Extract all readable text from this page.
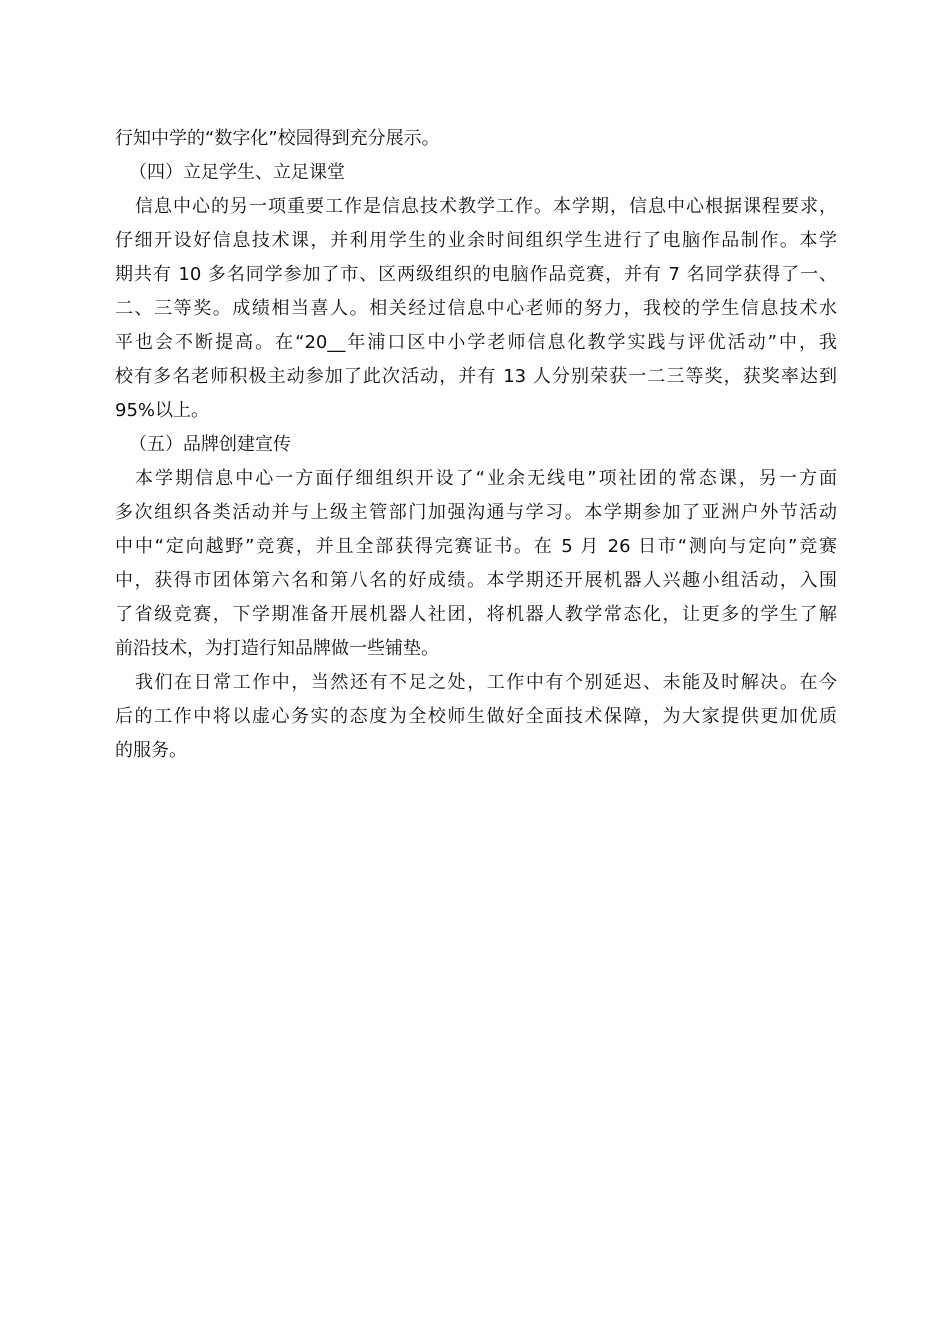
行知中学的“数字化”校园得到充分展示。
（四）立足学生、立足课堂
信息中心的另一项重要工作是信息技术教学工作。本学期，信息中心根据课程要求，
仔细开设好信息技术课，并利用学生的业余时间组织学生进行了电脑作品制作。本学
期共有 10 多名同学参加了市、区两级组织的电脑作品竞赛，并有 7 名同学获得了一、
二、三等奖。成绩相当喜人。相关经过信息中心老师的努力，我校的学生信息技术水
平也会不断提高。在“20__年浦口区中小学老师信息化教学实践与评优活动”中，我
校有多名老师积极主动参加了此次活动，并有 13 人分别荣获一二三等奖，获奖率达到
95%以上。
（五）品牌创建宣传
本学期信息中心一方面仔细组织开设了“业余无线电”项社团的常态课，另一方面
多次组织各类活动并与上级主管部门加强沟通与学习。本学期参加了亚洲户外节活动
中中“定向越野”竞赛，并且全部获得完赛证书。在 5 月 26 日市“测向与定向”竞赛
中，获得市团体第六名和第八名的好成绩。本学期还开展机器人兴趣小组活动，入围
了省级竞赛，下学期准备开展机器人社团，将机器人教学常态化，让更多的学生了解
前沿技术，为打造行知品牌做一些铺垫。
我们在日常工作中，当然还有不足之处，工作中有个别延迟、未能及时解决。在今
后的工作中将以虚心务实的态度为全校师生做好全面技术保障，为大家提供更加优质
的服务。
